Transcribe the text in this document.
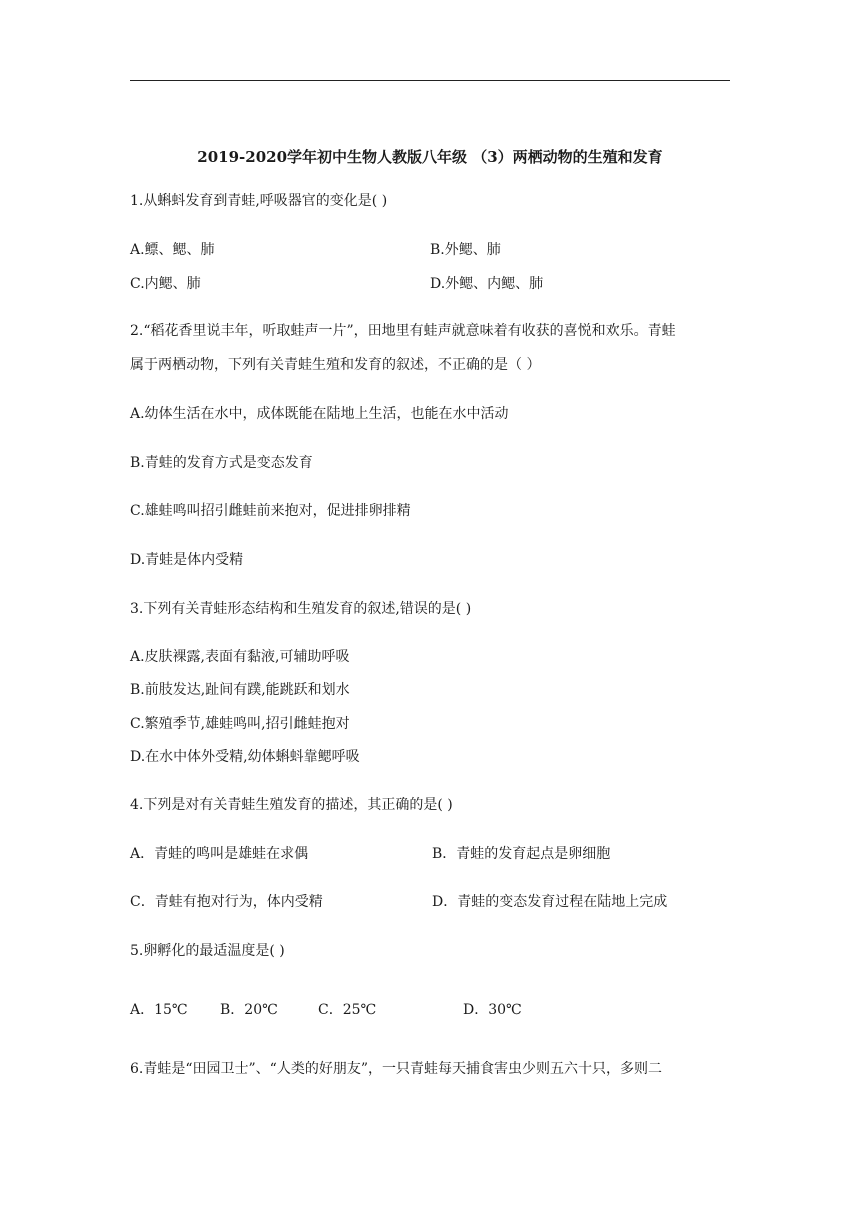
2019-2020学年初中生物人教版八年级 （3）两栖动物的生殖和发育
1.从蝌蚪发育到青蛙,呼吸器官的变化是( )
A.鳔、鳃、肺	B.外鳃、肺
C.内鳃、肺	D.外鳃、内鳃、肺
2.“稻花香里说丰年，听取蛙声一片”，田地里有蛙声就意味着有收获的喜悦和欢乐。青蛙
属于两栖动物，下列有关青蛙生殖和发育的叙述，不正确的是（ ）
A.幼体生活在水中，成体既能在陆地上生活，也能在水中活动
B.青蛙的发育方式是变态发育
C.雄蛙鸣叫招引雌蛙前来抱对，促进排卵排精
D.青蛙是体内受精
3.下列有关青蛙形态结构和生殖发育的叙述,错误的是( )
A.皮肤裸露,表面有黏液,可辅助呼吸
B.前肢发达,趾间有蹼,能跳跃和划水
C.繁殖季节,雄蛙鸣叫,招引雌蛙抱对
D.在水中体外受精,幼体蝌蚪靠鳃呼吸
4.下列是对有关青蛙生殖发育的描述，其正确的是( )
A．青蛙的鸣叫是雄蛙在求偶	B．青蛙的发育起点是卵细胞
C．青蛙有抱对行为，体内受精	D．青蛙的变态发育过程在陆地上完成
5.卵孵化的最适温度是( )
A．15℃ B．20℃	C．25℃	D．30℃
6.青蛙是“田园卫士”、“人类的好朋友”，一只青蛙每天捕食害虫少则五六十只，多则二
